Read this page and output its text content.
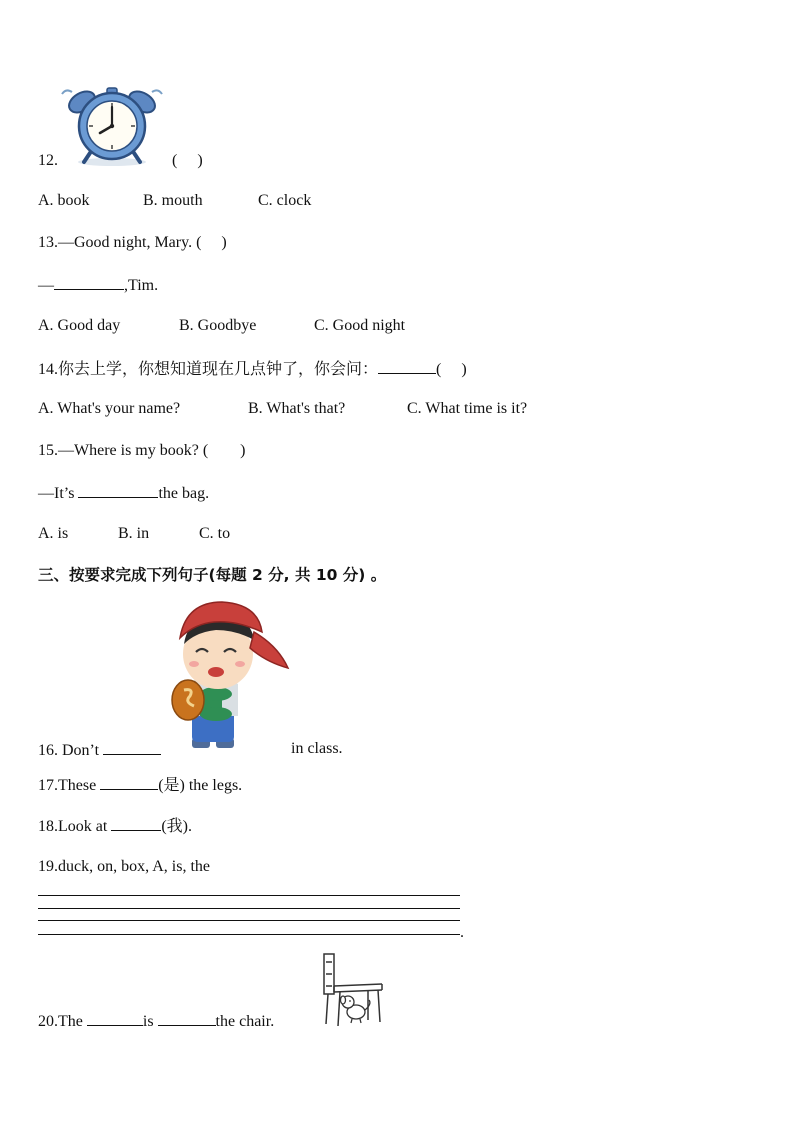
12.	(     )
A. book	B. mouth	C. clock
13.—Good night, Mary. (     )
—	,Tim.
A. Good day	B. Goodbye	C. Good night
14.你去上学，你想知道现在几点钟了，你会问：	(     )
A. What's your name?	B. What's that?	C. What time is it?
15.—Where is my book? (        )
—It’s	the bag.
A. is	B. in	C. to
三、按要求完成下列句子(每题 2 分, 共 10 分) 。
16. Don’t	in class.
17.These	(是) the legs.
18.Look at	(我).
19.duck, on, box, A, is, the
.
20.The	is	the chair.
